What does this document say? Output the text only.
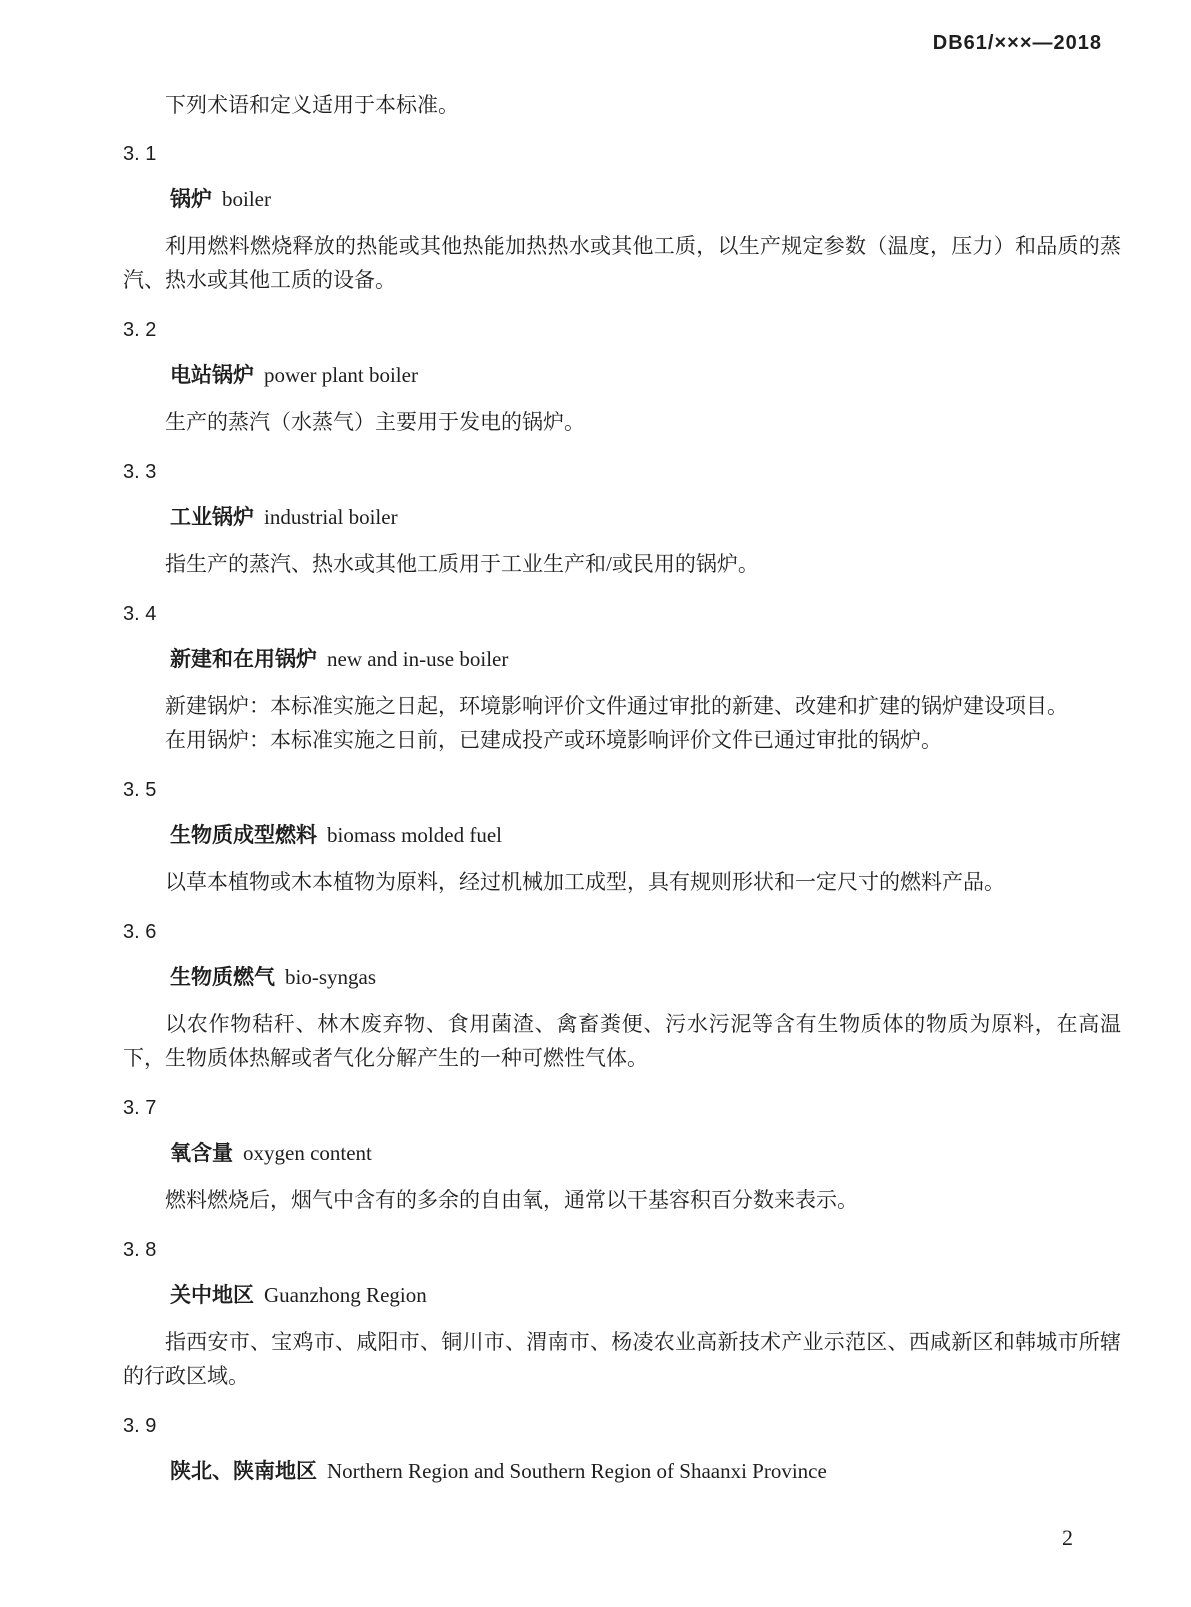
DB61/×××—2018

下列术语和定义适用于本标准。

3. 1
锅炉 boiler

利用燃料燃烧释放的热能或其他热能加热热水或其他工质，以生产规定参数（温度，压力）和品质的蒸汽、热水或其他工质的设备。

3. 2
电站锅炉 power plant boiler

生产的蒸汽（水蒸气）主要用于发电的锅炉。

3. 3
工业锅炉 industrial boiler

指生产的蒸汽、热水或其他工质用于工业生产和/或民用的锅炉。

3. 4
新建和在用锅炉 new and in-use boiler

新建锅炉：本标准实施之日起，环境影响评价文件通过审批的新建、改建和扩建的锅炉建设项目。

在用锅炉：本标准实施之日前，已建成投产或环境影响评价文件已通过审批的锅炉。

3. 5
生物质成型燃料 biomass molded fuel

以草本植物或木本植物为原料，经过机械加工成型，具有规则形状和一定尺寸的燃料产品。

3. 6
生物质燃气 bio-syngas

以农作物秸秆、林木废弃物、食用菌渣、禽畜粪便、污水污泥等含有生物质体的物质为原料，在高温下，生物质体热解或者气化分解产生的一种可燃性气体。

3. 7
氧含量 oxygen content

燃料燃烧后，烟气中含有的多余的自由氧，通常以干基容积百分数来表示。

3. 8
关中地区 Guanzhong Region

指西安市、宝鸡市、咸阳市、铜川市、渭南市、杨凌农业高新技术产业示范区、西咸新区和韩城市所辖的行政区域。

3. 9
陕北、陕南地区 Northern Region and Southern Region of Shaanxi Province
2
